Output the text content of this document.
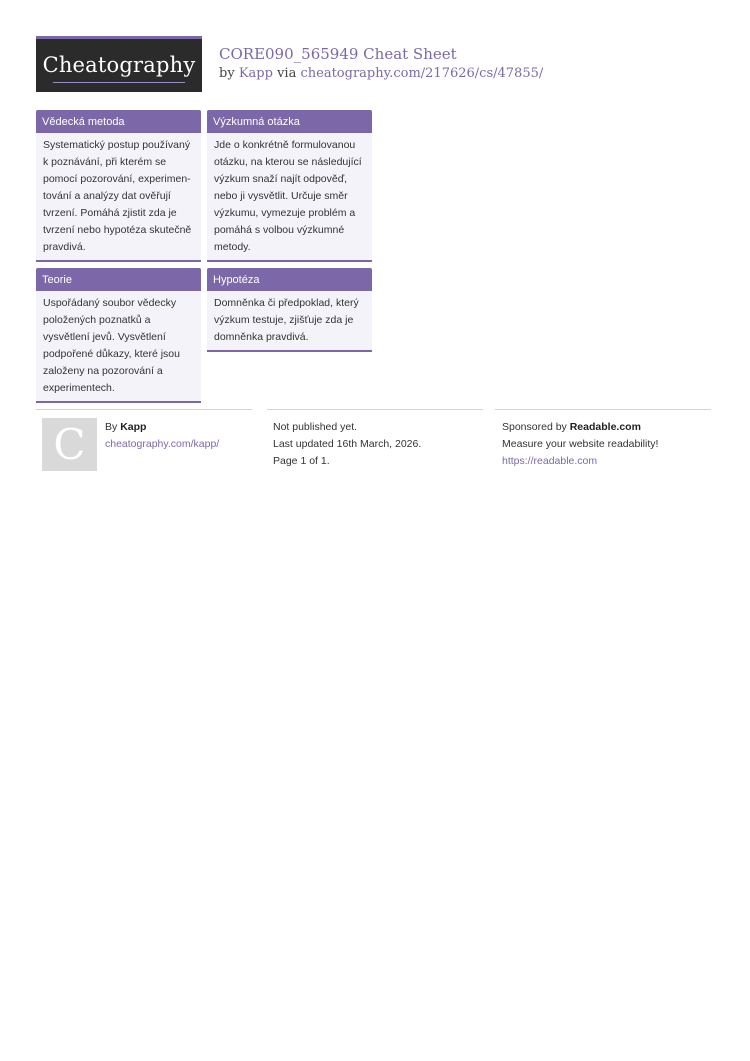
Cheatography	CORE090_565949 Cheat Sheet
by Kapp via cheatography.com/217626/cs/47855/
Vědecká metoda
Systematický postup používaný
k poznávání, při kterém se
pomocí pozorování, experimen-
tování a analýzy dat ověřují
tvrzení. Pomáhá zjistit zda je
tvrzení nebo hypotéza skutečně
pravdivá.
Výzkumná otázka
Jde o konkrétně formulovanou
otázku, na kterou se následující
výzkum snaží najít odpověď,
nebo ji vysvětlit. Určuje směr
výzkumu, vymezuje problém a
pomáhá s volbou výzkumné
metody.
Teorie
Uspořádaný soubor vědecky
položených poznatků a
vysvětlení jevů. Vysvětlení
podpořené důkazy, které jsou
založeny na pozorování a
experimentech.
Hypotéza
Domněnka či předpoklad, který
výzkum testuje, zjišťuje zda je
domněnka pravdivá.
C	By Kapp
cheatography.com/kapp/
Not published yet.
Last updated 16th March, 2026.
Page 1 of 1.
Sponsored by Readable.com
Measure your website readability!
https://readable.com
